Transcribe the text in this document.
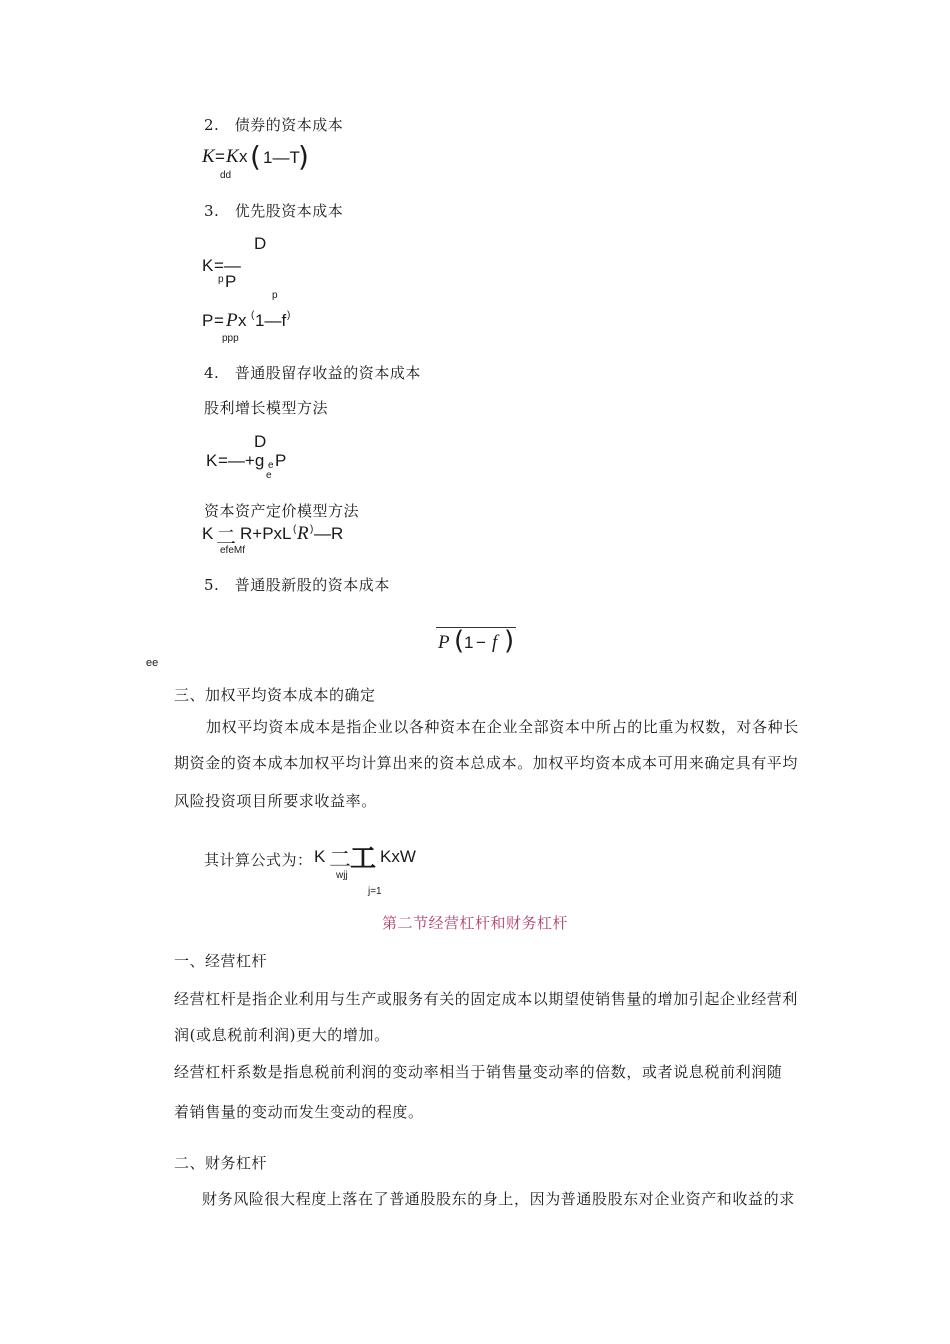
2.　债券的资本成本
K = K x ( 1—T
)
dd
3.　优先股资本成本
D
K =—
p P
p
P = P x ( 1—f )
ppp
4.　普通股留存收益的资本成本
股利增长模型方法
D
K =—+g e P
e
资本资产定价模型方法
K 二 R+PxL ( R ) —R
efeMf
5.　普通股新股的资本成本
P ( 1 − f )
ee
三、加权平均资本成本的确定
加权平均资本成本是指企业以各种资本在企业全部资本中所占的比重为权数，对各种长
期资金的资本成本加权平均计算出来的资本总成本。加权平均资本成本可用来确定具有平均
风险投资项目所要求收益率。
其计算公式为： K 二
工 KxW
wjj
j=1
第二节经营杠杆和财务杠杆
一、经营杠杆
经营杠杆是指企业利用与生产或服务有关的固定成本以期望使销售量的增加引起企业经营利
润(或息税前利润)更大的增加。
经营杠杆系数是指息税前利润的变动率相当于销售量变动率的倍数，或者说息税前利润随
着销售量的变动而发生变动的程度。
二、财务杠杆
财务风险很大程度上落在了普通股股东的身上，因为普通股股东对企业资产和收益的求
